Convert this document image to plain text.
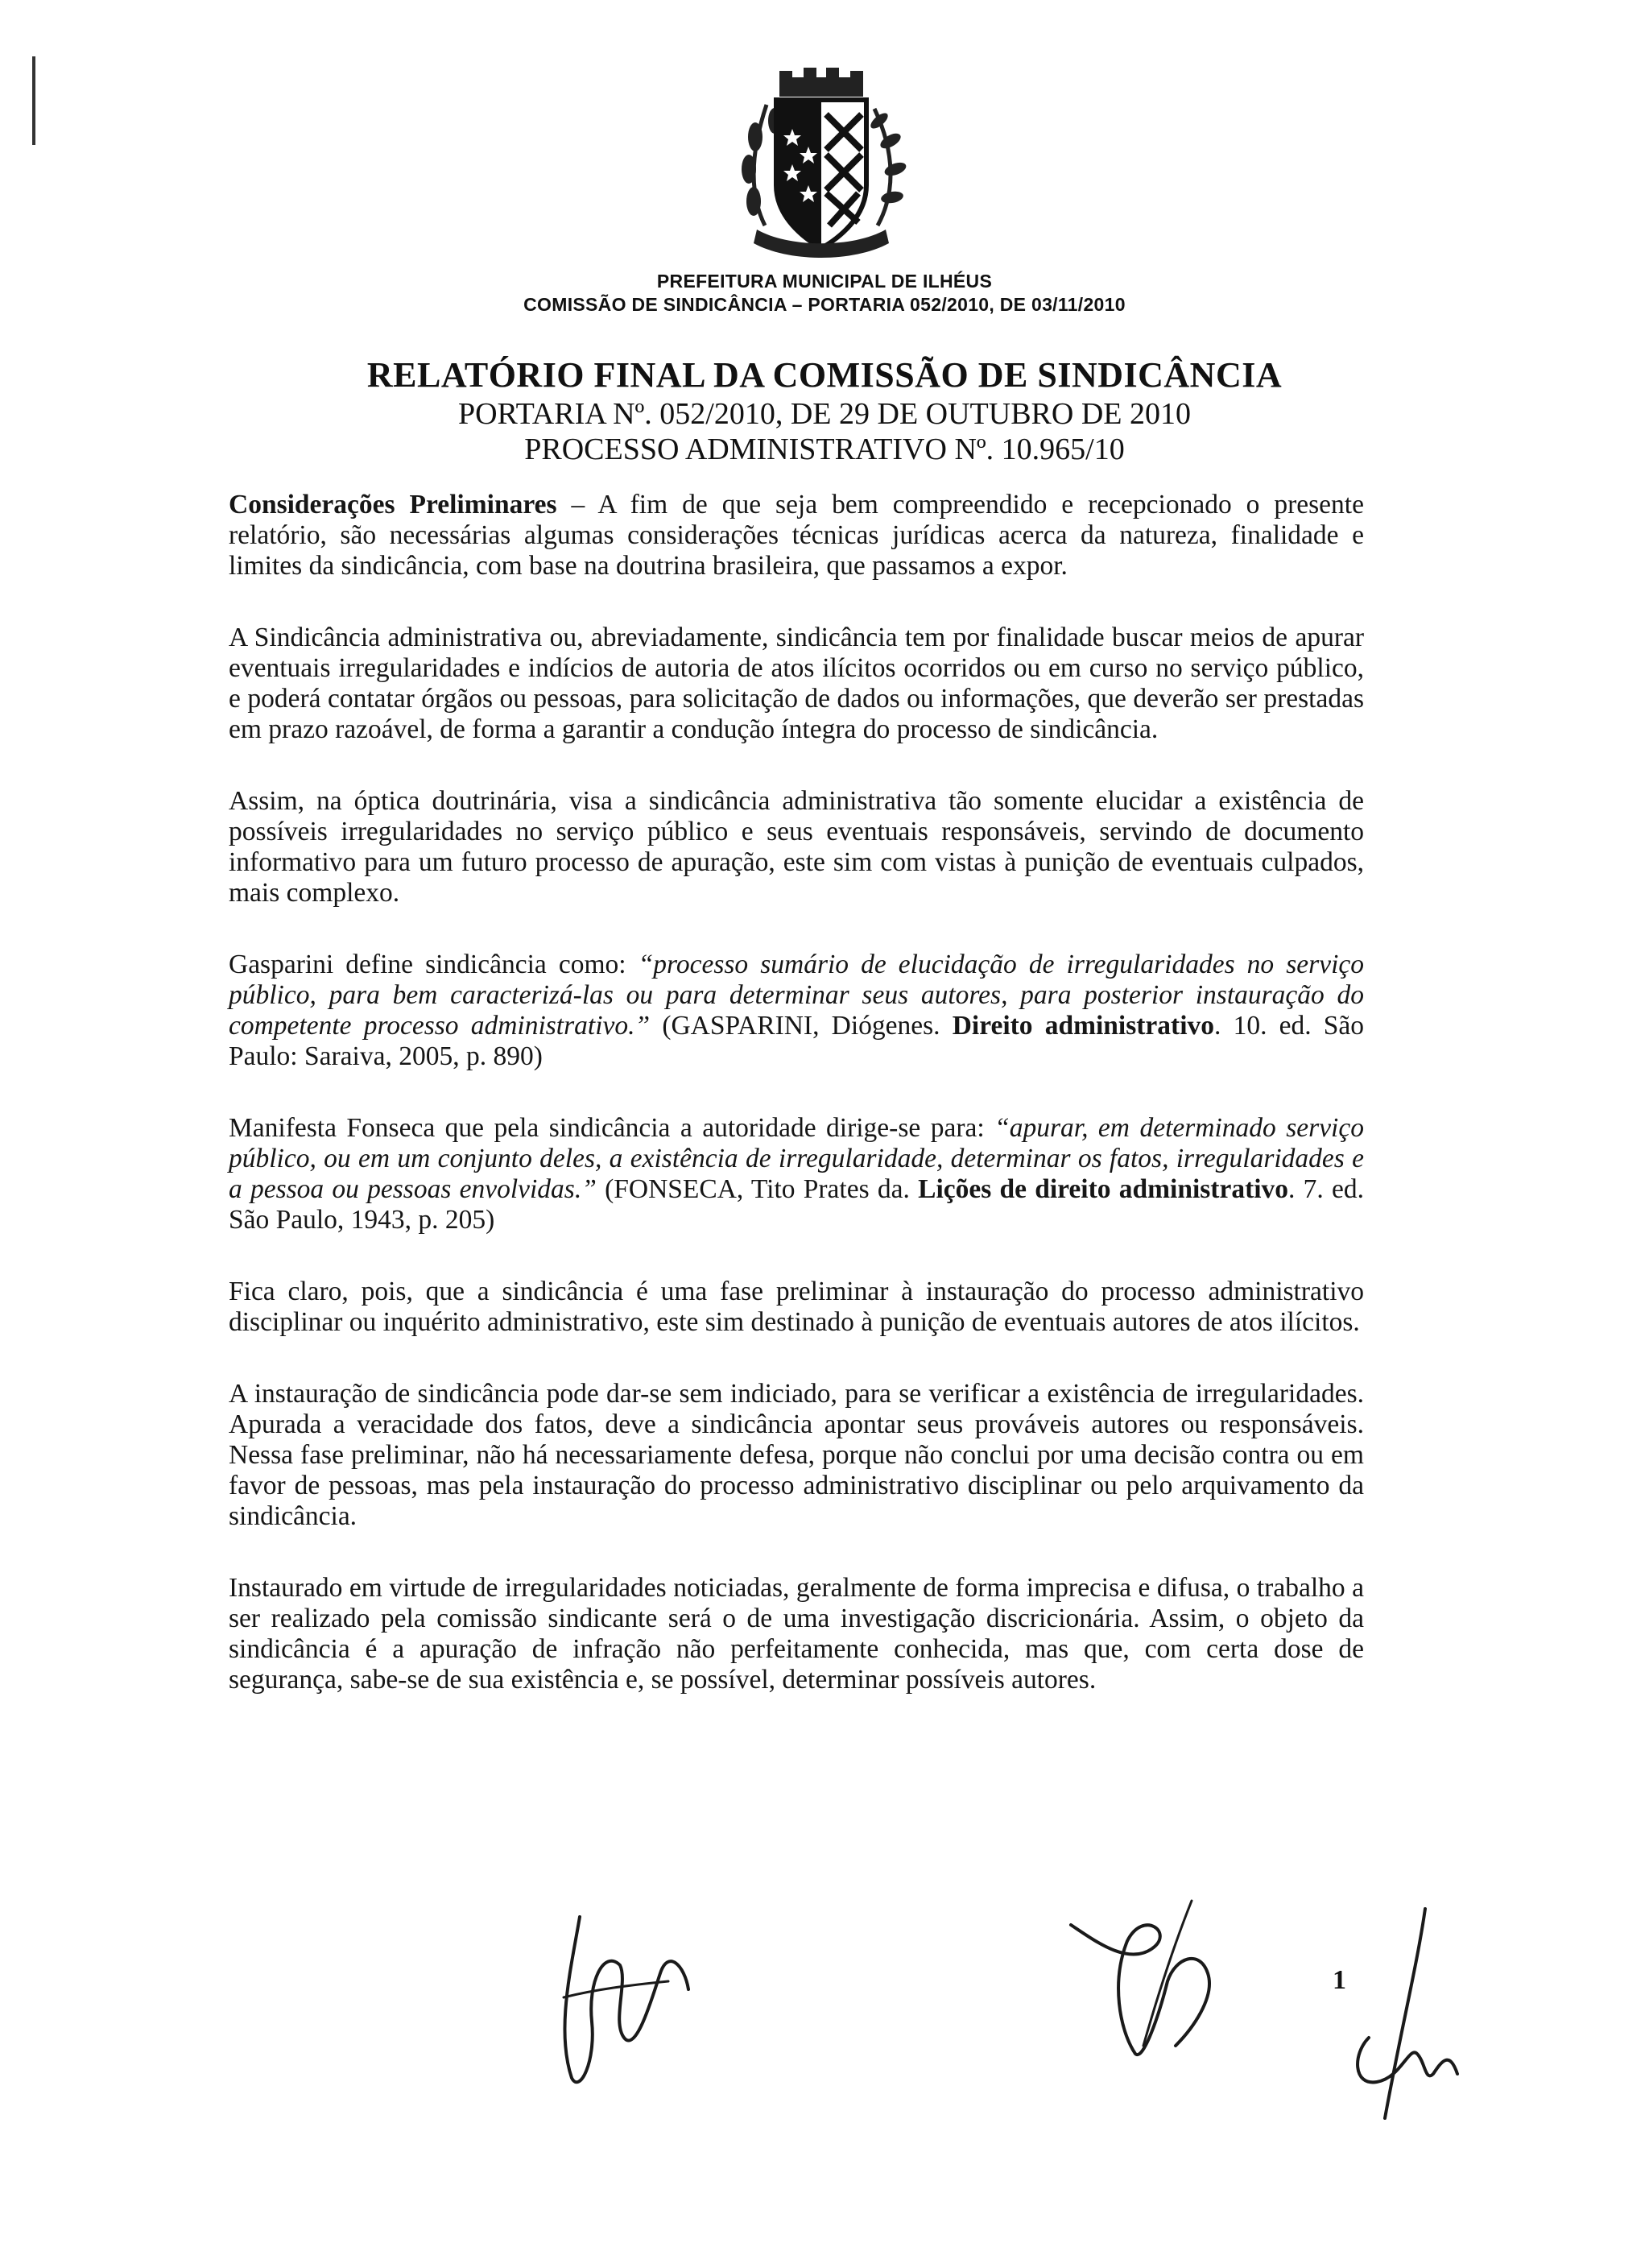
PREFEITURA MUNICIPAL DE ILHÉUS
COMISSÃO DE SINDICÂNCIA – PORTARIA 052/2010, DE 03/11/2010
RELATÓRIO FINAL DA COMISSÃO DE SINDICÂNCIA
PORTARIA Nº. 052/2010, DE 29 DE OUTUBRO DE 2010
PROCESSO ADMINISTRATIVO Nº. 10.965/10

Considerações Preliminares – A fim de que seja bem compreendido e recepcionado o presente relatório, são necessárias algumas considerações técnicas jurídicas acerca da natureza, finalidade e limites da sindicância, com base na doutrina brasileira, que passamos a expor.

A Sindicância administrativa ou, abreviadamente, sindicância tem por finalidade buscar meios de apurar eventuais irregularidades e indícios de autoria de atos ilícitos ocorridos ou em curso no serviço público, e poderá contatar órgãos ou pessoas, para solicitação de dados ou informações, que deverão ser prestadas em prazo razoável, de forma a garantir a condução íntegra do processo de sindicância.

Assim, na óptica doutrinária, visa a sindicância administrativa tão somente elucidar a existência de possíveis irregularidades no serviço público e seus eventuais responsáveis, servindo de documento informativo para um futuro processo de apuração, este sim com vistas à punição de eventuais culpados, mais complexo.

Gasparini define sindicância como: “processo sumário de elucidação de irregularidades no serviço público, para bem caracterizá-las ou para determinar seus autores, para posterior instauração do competente processo administrativo.” (GASPARINI, Diógenes. Direito administrativo. 10. ed. São Paulo: Saraiva, 2005, p. 890)

Manifesta Fonseca que pela sindicância a autoridade dirige-se para: “apurar, em determinado serviço público, ou em um conjunto deles, a existência de irregularidade, determinar os fatos, irregularidades e a pessoa ou pessoas envolvidas.” (FONSECA, Tito Prates da. Lições de direito administrativo. 7. ed. São Paulo, 1943, p. 205)

Fica claro, pois, que a sindicância é uma fase preliminar à instauração do processo administrativo disciplinar ou inquérito administrativo, este sim destinado à punição de eventuais autores de atos ilícitos.

A instauração de sindicância pode dar-se sem indiciado, para se verificar a existência de irregularidades. Apurada a veracidade dos fatos, deve a sindicância apontar seus prováveis autores ou responsáveis. Nessa fase preliminar, não há necessariamente defesa, porque não conclui por uma decisão contra ou em favor de pessoas, mas pela instauração do processo administrativo disciplinar ou pelo arquivamento da sindicância.

Instaurado em virtude de irregularidades noticiadas, geralmente de forma imprecisa e difusa, o trabalho a ser realizado pela comissão sindicante será o de uma investigação discricionária. Assim, o objeto da sindicância é a apuração de infração não perfeitamente conhecida, mas que, com certa dose de segurança, sabe-se de sua existência e, se possível, determinar possíveis autores.

1
